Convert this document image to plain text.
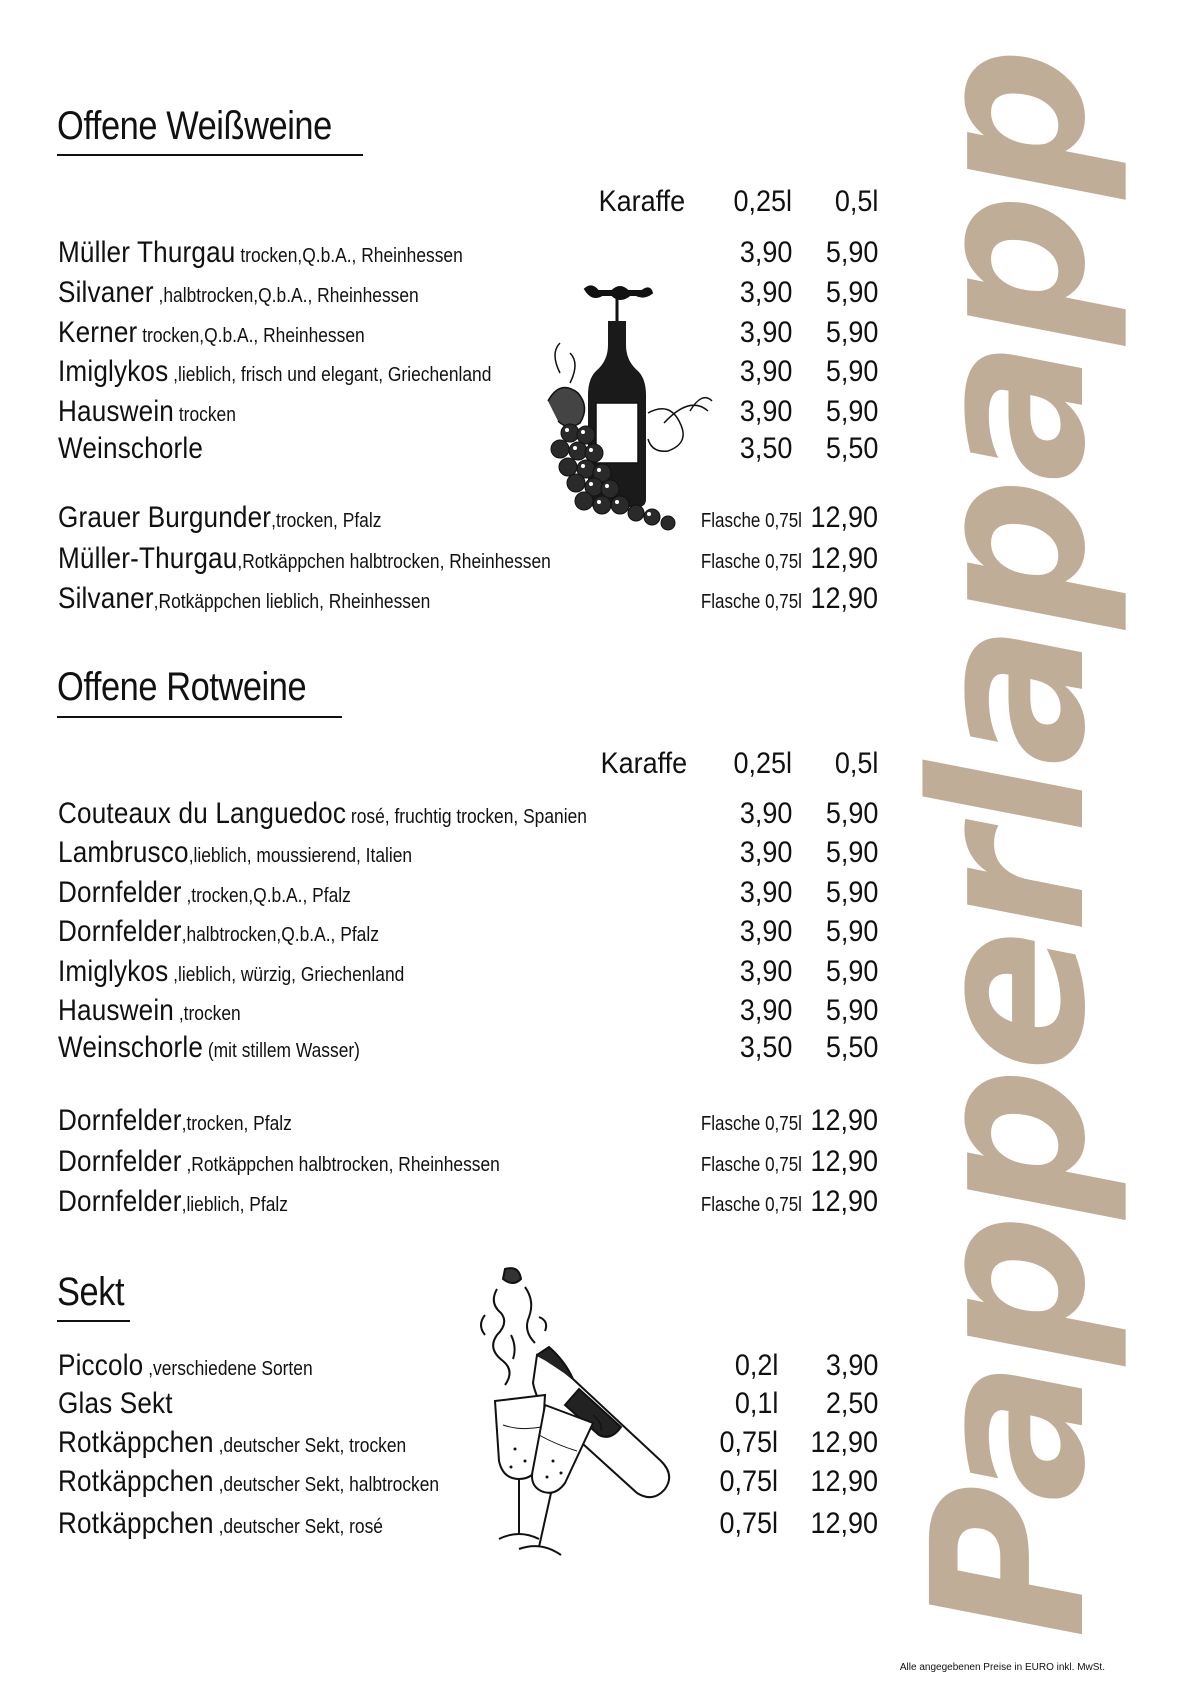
Papperlapapp
Offene Weißweine
Karaffe 0,25l 0,5l
Müller Thurgau trocken,Q.b.A., Rheinhessen	3,90 5,90
Silvaner ,halbtrocken,Q.b.A., Rheinhessen	3,90 5,90
Kerner trocken,Q.b.A., Rheinhessen	3,90 5,90
Imiglykos ,lieblich, frisch und elegant, Griechenland	3,90 5,90
Hauswein trocken	3,90 5,90
Weinschorle	3,50 5,50
Grauer Burgunder,trocken, Pfalz	Flasche 0,75l 12,90
Müller-Thurgau,Rotkäppchen halbtrocken, Rheinhessen	Flasche 0,75l 12,90
Silvaner,Rotkäppchen lieblich, Rheinhessen	Flasche 0,75l 12,90
Offene Rotweine
Karaffe 0,25l 0,5l
Couteaux du Languedoc rosé, fruchtig trocken, Spanien	3,90 5,90
Lambrusco,lieblich, moussierend, Italien	3,90 5,90
Dornfelder ,trocken,Q.b.A., Pfalz	3,90 5,90
Dornfelder,halbtrocken,Q.b.A., Pfalz	3,90 5,90
Imiglykos ,lieblich, würzig, Griechenland	3,90 5,90
Hauswein ,trocken	3,90 5,90
Weinschorle (mit stillem Wasser)	3,50 5,50
Dornfelder,trocken, Pfalz	Flasche 0,75l 12,90
Dornfelder ,Rotkäppchen halbtrocken, Rheinhessen	Flasche 0,75l 12,90
Dornfelder,lieblich, Pfalz	Flasche 0,75l 12,90
Sekt
Piccolo ,verschiedene Sorten	0,2l 3,90
Glas Sekt	0,1l 2,50
Rotkäppchen ,deutscher Sekt, trocken	0,75l 12,90
Rotkäppchen ,deutscher Sekt, halbtrocken	0,75l 12,90
Rotkäppchen ,deutscher Sekt, rosé	0,75l 12,90
Alle angegebenen Preise in EURO inkl. MwSt.
